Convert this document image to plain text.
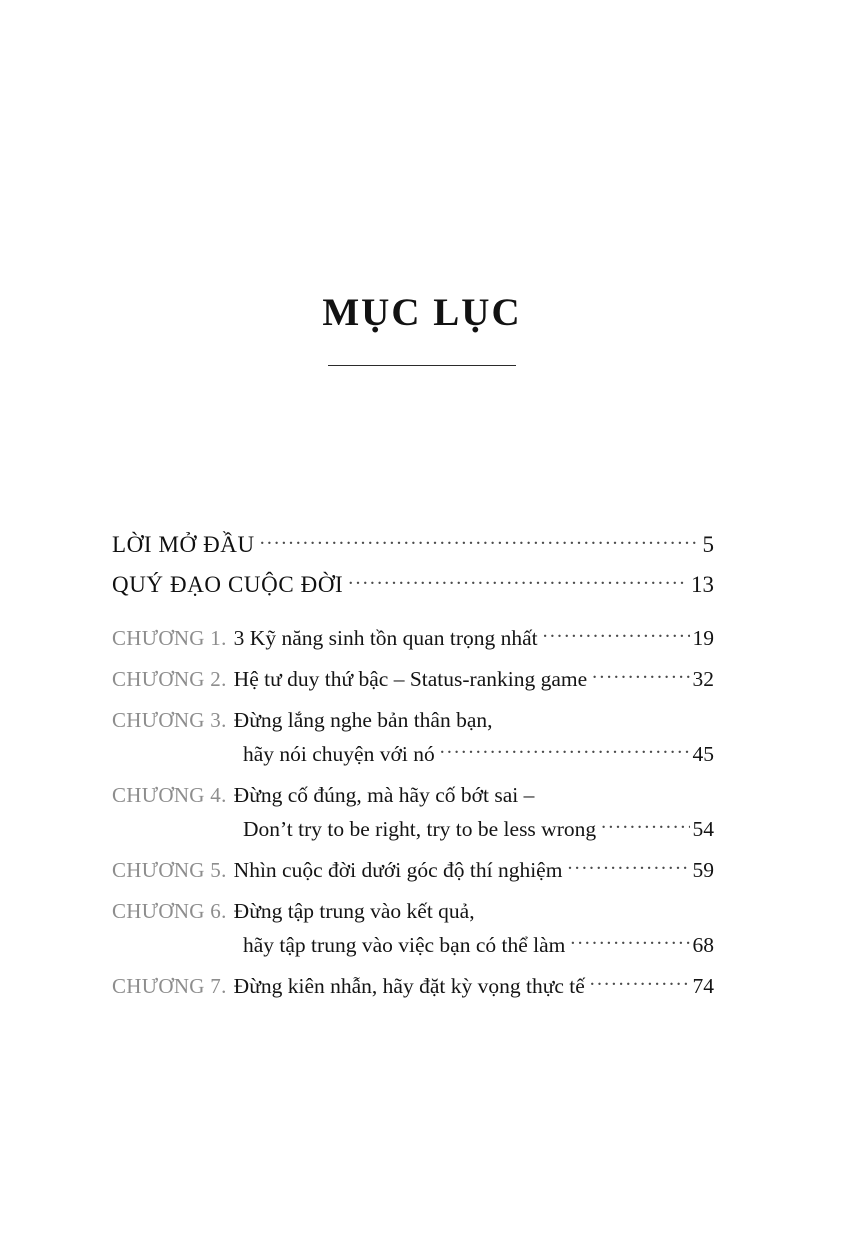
MỤC LỤC
LỜI MỞ ĐẦU .....	5
QUÝ ĐẠO CUỘC ĐỜI .....	13
CHƯƠNG 1. 3 Kỹ năng sinh tồn quan trọng nhất .....	19
CHƯƠNG 2. Hệ tư duy thứ bậc – Status-ranking game .....	32
CHƯƠNG 3. Đừng lắng nghe bản thân bạn,
hãy nói chuyện với nó .....	45
CHƯƠNG 4. Đừng cố đúng, mà hãy cố bớt sai –
Don’t try to be right, try to be less wrong .....	54
CHƯƠNG 5. Nhìn cuộc đời dưới góc độ thí nghiệm .....	59
CHƯƠNG 6. Đừng tập trung vào kết quả,
hãy tập trung vào việc bạn có thể làm .....	68
CHƯƠNG 7. Đừng kiên nhẫn, hãy đặt kỳ vọng thực tế .....	74
